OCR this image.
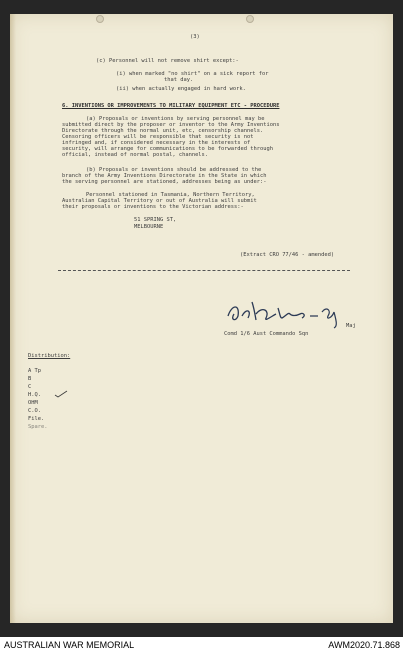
(3)
(c) Personnel will not remove shirt except:-
(i) when marked "no shirt" on a sick report for
that day.
(ii) when actually engaged in hard work.
6. INVENTIONS OR IMPROVEMENTS TO MILITARY EQUIPMENT ETC - PROCEDURE
(a) Proposals or inventions by serving personnel may be
submitted direct by the proposer or inventor to the Army Inventions
Directorate through the normal unit, etc, censorship channels.
Censoring officers will be responsible that security is not
infringed and, if considered necessary in the interests of
security, will arrange for communications to be forwarded through
official, instead of normal postal, channels.
(b) Proposals or inventions should be addressed to the
branch of the Army Inventions Directorate in the State in which
the serving personnel are stationed, addresses being as under:-
Personnel stationed in Tasmania, Northern Territory,
Australian Capital Territory or out of Australia will submit
their proposals or inventions to the Victorian address:-
51 SPRING ST,
MELBOURNE
(Extract CRO 77/46 - amended)
Maj
Comd 1/6 Aust Commando Sqn
Distribution:
A Tp
B
C
H.Q.
OHM
C.O.
File.
Spare.
AUSTRALIAN WAR MEMORIAL	AWM2020.71.868
